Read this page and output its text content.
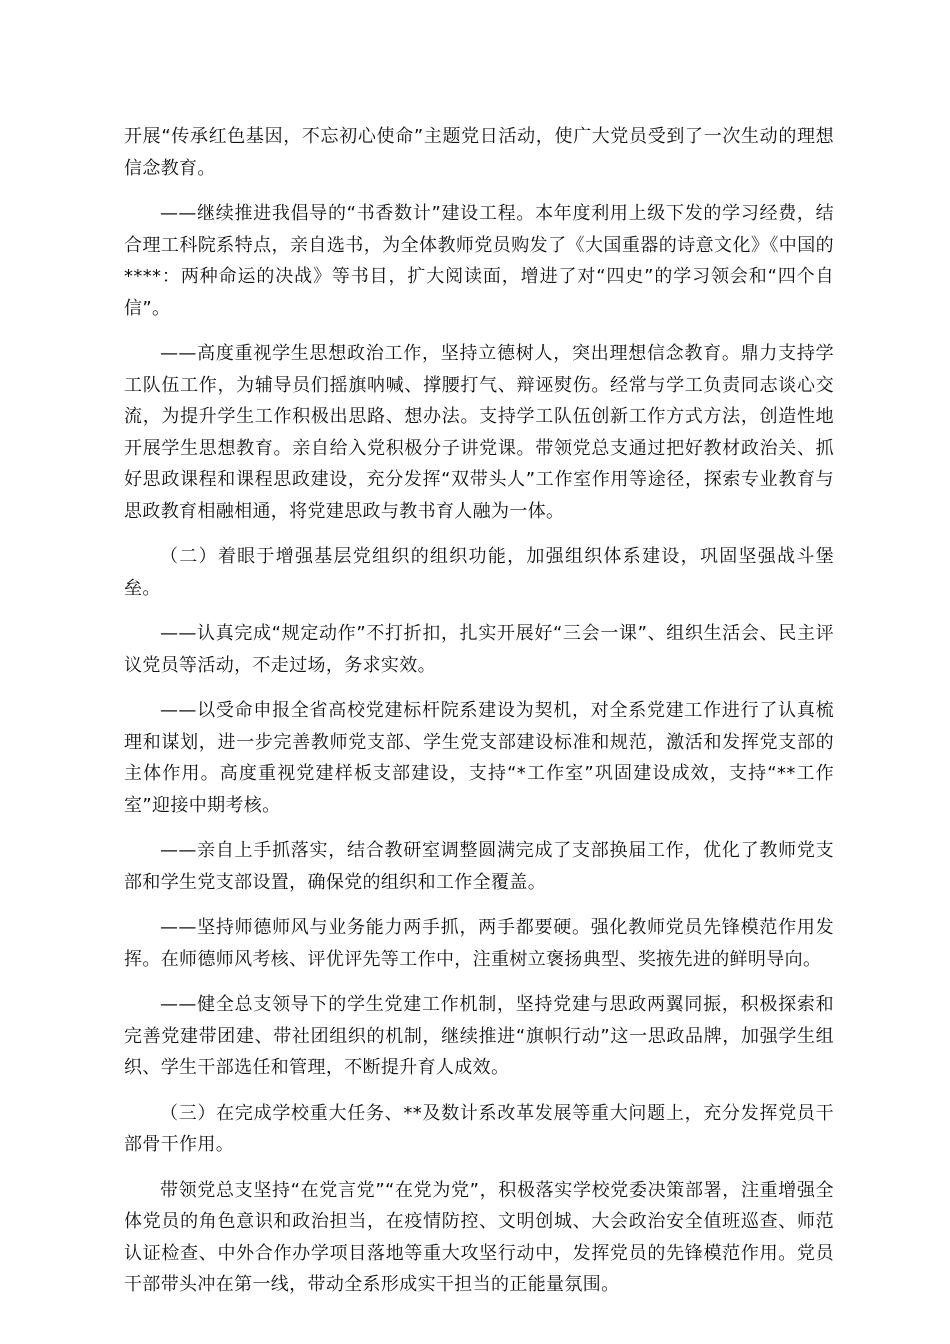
开展“传承红色基因，不忘初心使命”主题党日活动，使广大党员受到了一次生动的理想信念教育。

——继续推进我倡导的“书香数计”建设工程。本年度利用上级下发的学习经费，结合理工科院系特点，亲自选书，为全体教师党员购发了《大国重器的诗意文化》《中国的****：两种命运的决战》等书目，扩大阅读面，增进了对“四史”的学习领会和“四个自信”。

——高度重视学生思想政治工作，坚持立德树人，突出理想信念教育。鼎力支持学工队伍工作，为辅导员们摇旗呐喊、撑腰打气、辩诬熨伤。经常与学工负责同志谈心交流，为提升学生工作积极出思路、想办法。支持学工队伍创新工作方式方法，创造性地开展学生思想教育。亲自给入党积极分子讲党课。带领党总支通过把好教材政治关、抓好思政课程和课程思政建设，充分发挥“双带头人”工作室作用等途径，探索专业教育与思政教育相融相通，将党建思政与教书育人融为一体。

（二）着眼于增强基层党组织的组织功能，加强组织体系建设，巩固坚强战斗堡垒。

——认真完成“规定动作”不打折扣，扎实开展好“三会一课”、组织生活会、民主评议党员等活动，不走过场，务求实效。

——以受命申报全省高校党建标杆院系建设为契机，对全系党建工作进行了认真梳理和谋划，进一步完善教师党支部、学生党支部建设标准和规范，激活和发挥党支部的主体作用。高度重视党建样板支部建设，支持“*工作室”巩固建设成效，支持“**工作室”迎接中期考核。

——亲自上手抓落实，结合教研室调整圆满完成了支部换届工作，优化了教师党支部和学生党支部设置，确保党的组织和工作全覆盖。

——坚持师德师风与业务能力两手抓，两手都要硬。强化教师党员先锋模范作用发挥。在师德师风考核、评优评先等工作中，注重树立褒扬典型、奖掖先进的鲜明导向。

——健全总支领导下的学生党建工作机制，坚持党建与思政两翼同振，积极探索和完善党建带团建、带社团组织的机制，继续推进“旗帜行动”这一思政品牌，加强学生组织、学生干部选任和管理，不断提升育人成效。

（三）在完成学校重大任务、**及数计系改革发展等重大问题上，充分发挥党员干部骨干作用。

带领党总支坚持“在党言党”“在党为党”，积极落实学校党委决策部署，注重增强全体党员的角色意识和政治担当，在疫情防控、文明创城、大会政治安全值班巡查、师范认证检查、中外合作办学项目落地等重大攻坚行动中，发挥党员的先锋模范作用。党员干部带头冲在第一线，带动全系形成实干担当的正能量氛围。
